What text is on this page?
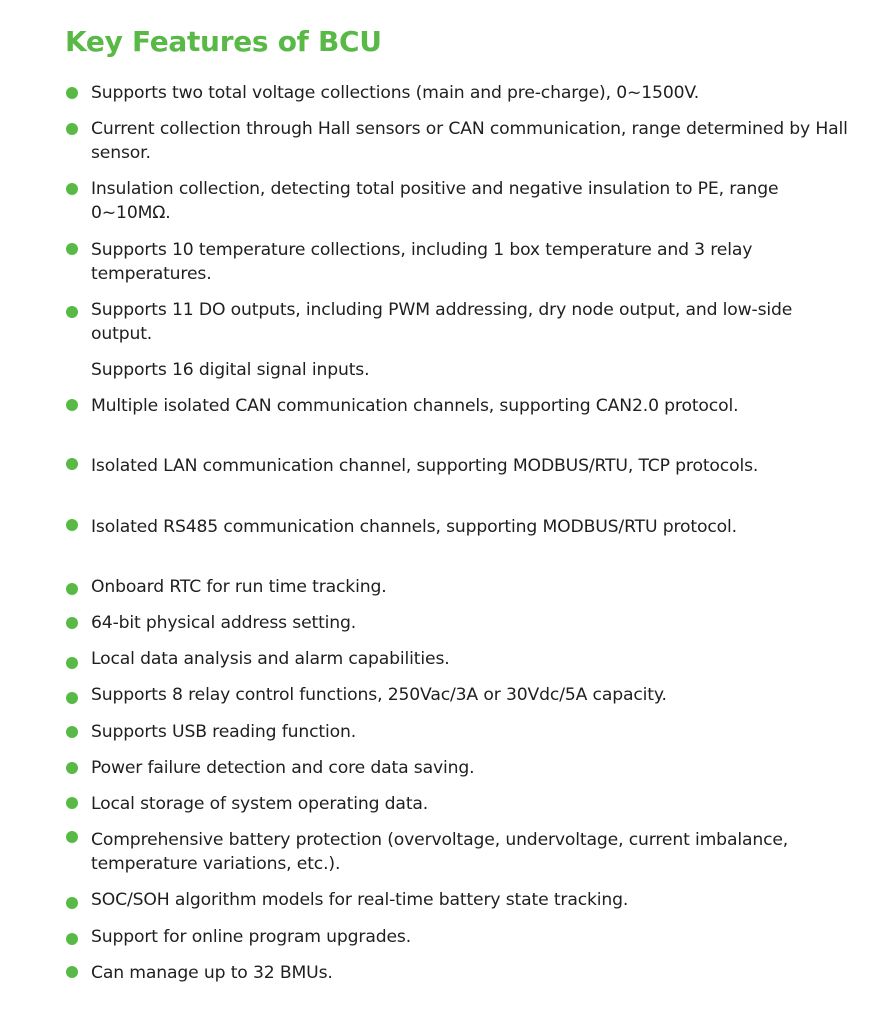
Key Features of BCU
Supports two total voltage collections (main and pre-charge), 0~1500V.
Current collection through Hall sensors or CAN communication, range determined by Hall sensor.
Insulation collection, detecting total positive and negative insulation to PE, range 0~10MΩ.
Supports 10 temperature collections, including 1 box temperature and 3 relay temperatures.
Supports 11 DO outputs, including PWM addressing, dry node output, and low-side output.
Supports 16 digital signal inputs.
Multiple isolated CAN communication channels, supporting CAN2.0 protocol.
Isolated LAN communication channel, supporting MODBUS/RTU, TCP protocols.
Isolated RS485 communication channels, supporting MODBUS/RTU protocol.
Onboard RTC for run time tracking.
64-bit physical address setting.
Local data analysis and alarm capabilities.
Supports 8 relay control functions, 250Vac/3A or 30Vdc/5A capacity.
Supports USB reading function.
Power failure detection and core data saving.
Local storage of system operating data.
Comprehensive battery protection (overvoltage, undervoltage, current imbalance, temperature variations, etc.).
SOC/SOH algorithm models for real-time battery state tracking.
Support for online program upgrades.
Can manage up to 32 BMUs.
